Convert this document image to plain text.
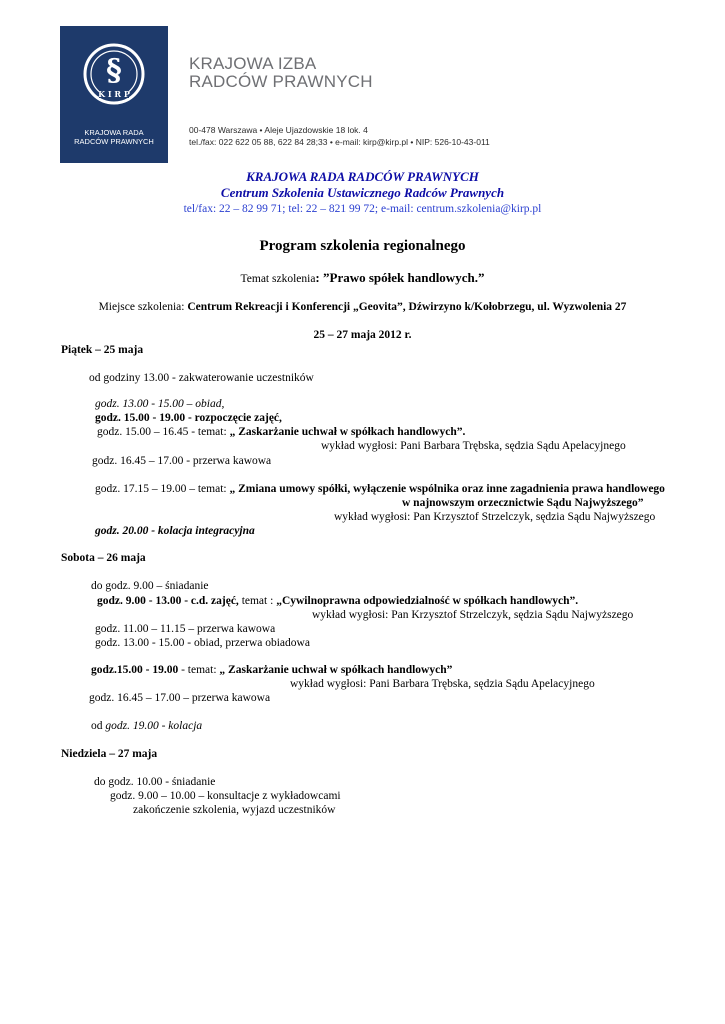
§
K I R P
KRAJOWA RADA
RADCÓW PRAWNYCH
KRAJOWA IZBA
RADCÓW PRAWNYCH
00-478 Warszawa • Aleje Ujazdowskie 18 lok. 4
tel./fax: 022 622 05 88, 622 84 28;33 • e-mail: kirp@kirp.pl • NIP: 526-10-43-011
KRAJOWA RADA RADCÓW PRAWNYCH
Centrum Szkolenia Ustawicznego Radców Prawnych
tel/fax: 22 – 82 99 71; tel: 22 – 821 99 72; e-mail: centrum.szkolenia@kirp.pl
Program szkolenia regionalnego
Temat szkolenia: ”Prawo spółek handlowych.”
Miejsce szkolenia: Centrum Rekreacji i Konferencji „Geovita”, Dźwirzyno k/Kołobrzegu, ul. Wyzwolenia 27
25 – 27 maja 2012 r.
Piątek – 25 maja
od godziny 13.00 - zakwaterowanie uczestników
godz. 13.00 - 15.00 – obiad,
godz. 15.00 - 19.00 - rozpoczęcie zajęć,
godz. 15.00 – 16.45 - temat: „ Zaskarżanie uchwał w spółkach handlowych”.
wykład wygłosi: Pani Barbara Trębska, sędzia Sądu Apelacyjnego
godz. 16.45 – 17.00 - przerwa kawowa
godz. 17.15 – 19.00 – temat: „ Zmiana umowy spółki, wyłączenie wspólnika oraz inne zagadnienia prawa handlowego
w najnowszym orzecznictwie Sądu Najwyższego”
wykład wygłosi: Pan Krzysztof Strzelczyk, sędzia Sądu Najwyższego
godz. 20.00 - kolacja integracyjna
Sobota – 26 maja
do godz. 9.00 – śniadanie
godz. 9.00 - 13.00 - c.d. zajęć, temat : „Cywilnoprawna odpowiedzialność w spółkach handlowych”.
wykład wygłosi: Pan Krzysztof Strzelczyk, sędzia Sądu Najwyższego
godz. 11.00 – 11.15 – przerwa kawowa
godz. 13.00 - 15.00 - obiad, przerwa obiadowa
godz.15.00 - 19.00 - temat: „ Zaskarżanie uchwał w spółkach handlowych”
wykład wygłosi: Pani Barbara Trębska, sędzia Sądu Apelacyjnego
godz. 16.45 – 17.00 – przerwa kawowa
od godz. 19.00 - kolacja
Niedziela – 27 maja
do godz. 10.00 - śniadanie
godz. 9.00 – 10.00 – konsultacje z wykładowcami
zakończenie szkolenia, wyjazd uczestników
